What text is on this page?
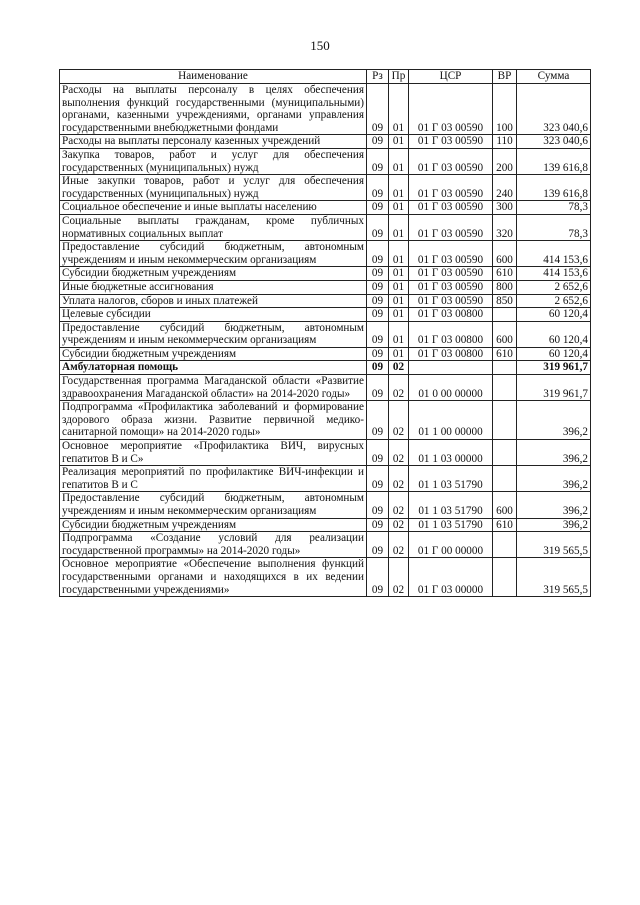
150
Наименование	Рз	Пр	ЦСР	ВР	Сумма
Расходы на выплаты персоналу в целях обеспечения выполнения функций государственными (муниципальными) органами, казенными учреждениями, органами управления государственными внебюджетными фондами	09	01	01 Г 03 00590	100	323 040,6
Расходы на выплаты персоналу казенных учреждений	09	01	01 Г 03 00590	110	323 040,6
Закупка товаров, работ и услуг для обеспечения государственных (муниципальных) нужд	09	01	01 Г 03 00590	200	139 616,8
Иные закупки товаров, работ и услуг для обеспечения государственных (муниципальных) нужд	09	01	01 Г 03 00590	240	139 616,8
Социальное обеспечение и иные выплаты населению	09	01	01 Г 03 00590	300	78,3
Социальные выплаты гражданам, кроме публичных нормативных социальных выплат	09	01	01 Г 03 00590	320	78,3
Предоставление субсидий бюджетным, автономным учреждениям и иным некоммерческим организациям	09	01	01 Г 03 00590	600	414 153,6
Субсидии бюджетным учреждениям	09	01	01 Г 03 00590	610	414 153,6
Иные бюджетные ассигнования	09	01	01 Г 03 00590	800	2 652,6
Уплата налогов, сборов и иных платежей	09	01	01 Г 03 00590	850	2 652,6
Целевые субсидии	09	01	01 Г 03 00800		60 120,4
Предоставление субсидий бюджетным, автономным учреждениям и иным некоммерческим организациям	09	01	01 Г 03 00800	600	60 120,4
Субсидии бюджетным учреждениям	09	01	01 Г 03 00800	610	60 120,4
Амбулаторная помощь	09	02			319 961,7
Государственная программа Магаданской области «Развитие здравоохранения Магаданской области» на 2014-2020 годы»	09	02	01 0 00 00000		319 961,7
Подпрограмма «Профилактика заболеваний и формирование здорового образа жизни. Развитие первичной медико-санитарной помощи» на 2014-2020 годы»	09	02	01 1 00 00000		396,2
Основное мероприятие «Профилактика ВИЧ, вирусных гепатитов В и С»	09	02	01 1 03 00000		396,2
Реализация мероприятий по профилактике ВИЧ-инфекции и гепатитов В и С	09	02	01 1 03 51790		396,2
Предоставление субсидий бюджетным, автономным учреждениям и иным некоммерческим организациям	09	02	01 1 03 51790	600	396,2
Субсидии бюджетным учреждениям	09	02	01 1 03 51790	610	396,2
Подпрограмма «Создание условий для реализации государственной программы» на 2014-2020 годы»	09	02	01 Г 00 00000		319 565,5
Основное мероприятие «Обеспечение выполнения функций государственными органами и находящихся в их ведении государственными учреждениями»	09	02	01 Г 03 00000		319 565,5
